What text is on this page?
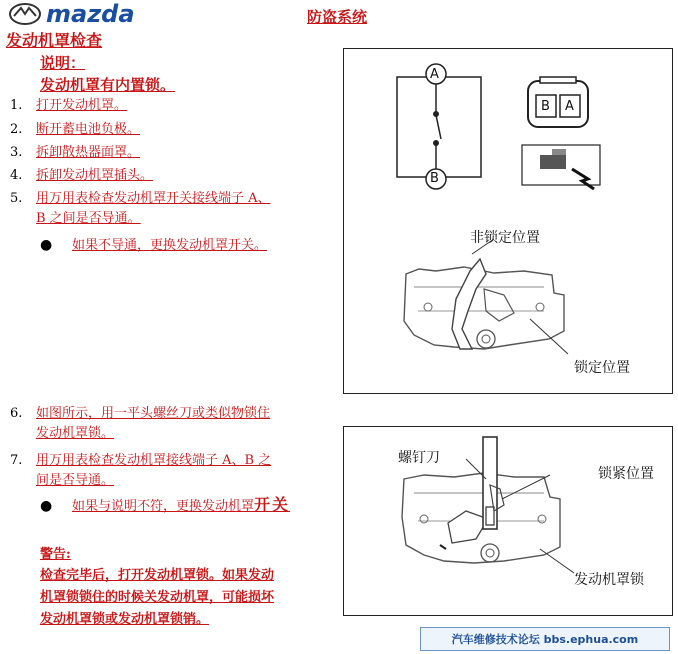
mazda	防盗系统
发动机罩检查
说明：
发动机罩有内置锁。
1. 打开发动机罩。
2. 断开蓄电池负极。
3. 拆卸散热器面罩。
4. 拆卸发动机罩插头。
5. 用万用表检查发动机罩开关接线端子 A、
B 之间是否导通。
● 如果不导通，更换发动机罩开关。
6. 如图所示，用一平头螺丝刀或类似物锁住
发动机罩锁。
7. 用万用表检查发动机罩接线端子 A、B 之
间是否导通。
● 如果与说明不符，更换发动机罩开关
警告:
检查完毕后，打开发动机罩锁。如果发动
机罩锁锁住的时候关发动机罩，可能损坏
发动机罩锁或发动机罩锁销。
A
B
B A
非锁定位置
锁定位置
螺钉刀
锁紧位置
发动机罩锁
汽车维修技术论坛 bbs.ephua.com
